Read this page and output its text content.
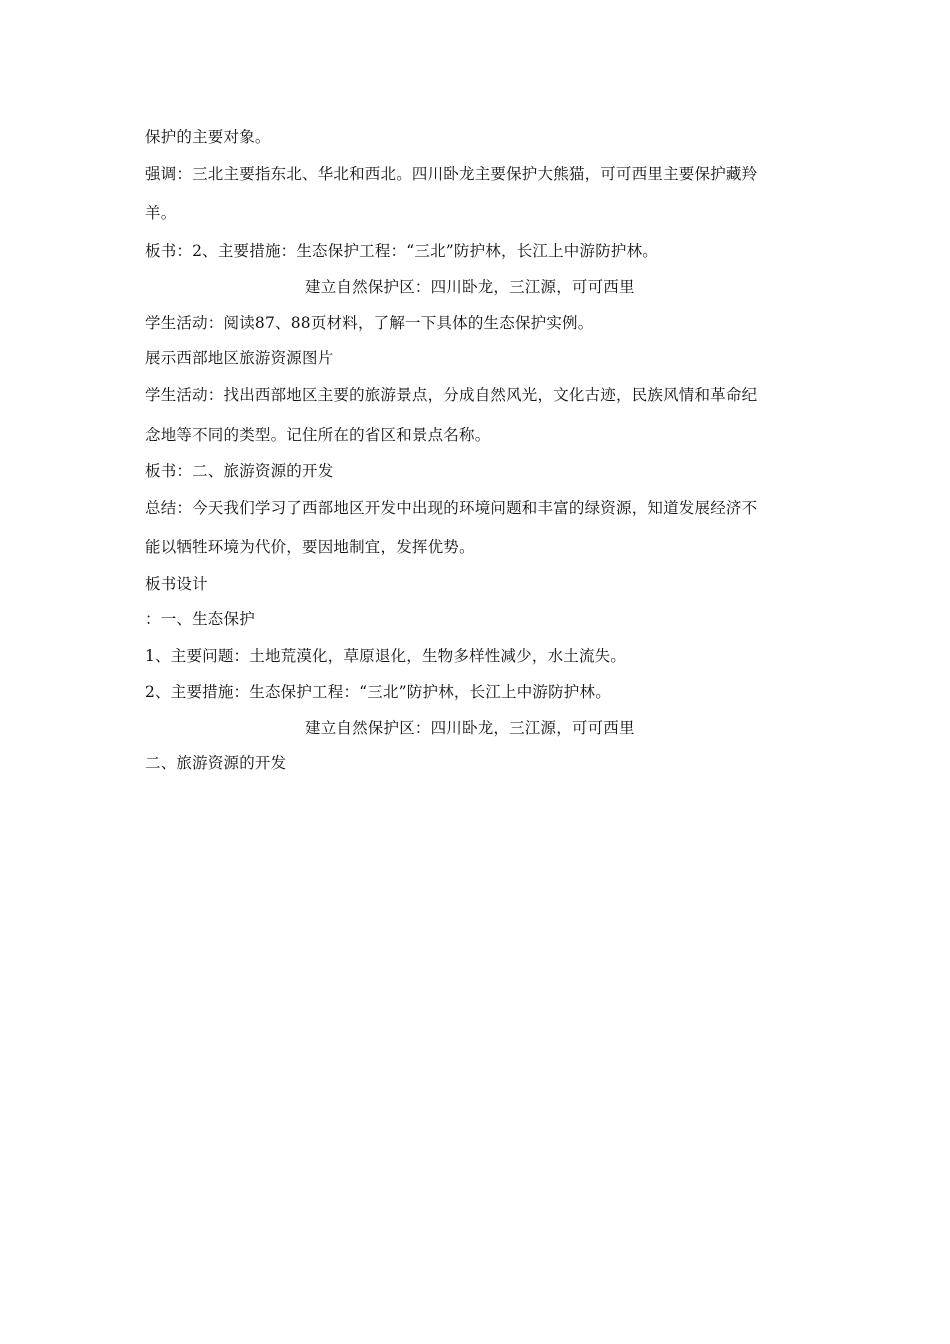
保护的主要对象。
强调：三北主要指东北、华北和西北。四川卧龙主要保护大熊猫，可可西里主要保护藏羚
羊。
板书：2、主要措施：生态保护工程：“三北”防护林，长江上中游防护林。
建立自然保护区：四川卧龙，三江源，可可西里
学生活动：阅读87、88页材料，了解一下具体的生态保护实例。
展示西部地区旅游资源图片
学生活动：找出西部地区主要的旅游景点，分成自然风光，文化古迹，民族风情和革命纪
念地等不同的类型。记住所在的省区和景点名称。
板书：二、旅游资源的开发
总结：今天我们学习了西部地区开发中出现的环境问题和丰富的绿资源，知道发展经济不
能以牺牲环境为代价，要因地制宜，发挥优势。
板书设计
：一、生态保护
1、主要问题：土地荒漠化，草原退化，生物多样性减少，水土流失。
2、主要措施：生态保护工程：“三北”防护林，长江上中游防护林。
建立自然保护区：四川卧龙，三江源，可可西里
二、旅游资源的开发
